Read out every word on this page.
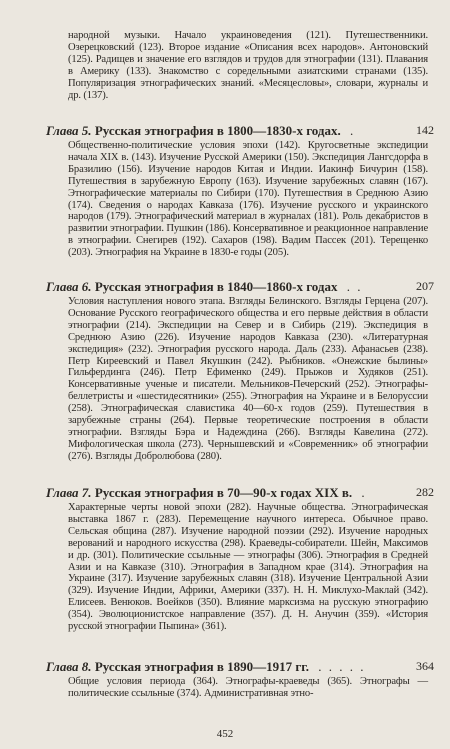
народной музыки. Начало украиноведения (121). Путешественники. Озерецковский (123). Второе издание «Описания всех народов». Антоновский (125). Радищев и значение его взглядов и трудов для этнографии (131). Плавания в Америку (133). Знакомство с соредельными азиатскими странами (135). Популяризация этнографических знаний. «Месяцесловы», словари, журналы и др. (137).
Глава 5. Русская этнография в 1800—1830-х годах. .	142
Общественно-политические условия эпохи (142). Кругосветные экспедиции начала XIX в. (143). Изучение Русской Америки (150). Экспедиция Лангсдорфа в Бразилию (156). Изучение народов Китая и Индии. Иакинф Бичурин (158). Путешествия в зарубежную Европу (163). Изучение зарубежных славян (167). Этнографические материалы по Сибири (170). Путешествия в Среднюю Азию (174). Сведения о народах Кавказа (176). Изучение русского и украинского народов (179). Этнографический материал в журналах (181). Роль декабристов в развитии этнографии. Пушкин (186). Консервативное и реакционное направление в этнографии. Снегирев (192). Сахаров (198). Вадим Пассек (201). Терещенко (203). Этнография на Украине в 1830-е годы (205).
Глава 6. Русская этнография в 1840—1860-х годах . .	207
Условия наступления нового этапа. Взгляды Белинского. Взгляды Герцена (207). Основание Русского географического общества и его первые действия в области этнографии (214). Экспедиции на Север и в Сибирь (219). Экспедиция в Среднюю Азию (226). Изучение народов Кавказа (230). «Литературная экспедиция» (232). Этнография русского народа. Даль (233). Афанасьев (238). Петр Киреевский и Павел Якушкин (242). Рыбников. «Онежские былины» Гильфердинга (246). Петр Ефименко (249). Прыжов и Худяков (251). Консервативные ученые и писатели. Мельников-Печерский (252). Этнографы-беллетристы и «шестидесятники» (255). Этнография на Украине и в Белоруссии (258). Этнографическая славистика 40—60-х годов (259). Путешествия в зарубежные страны (264). Первые теоретические построения в области этнографии. Взгляды Бэра и Надеждина (266). Взгляды Кавелина (272). Мифологическая школа (273). Чернышевский и «Современник» об этнографии (276). Взгляды Добролюбова (280).
Глава 7. Русская этнография в 70—90-х годах XIX в. .	282
Характерные черты новой эпохи (282). Научные общества. Этнографическая выставка 1867 г. (283). Перемещение научного интереса. Обычное право. Сельская община (287). Изучение народной поэзии (292). Изучение народных верований и народного искусства (298). Краеведы-собиратели. Шейн, Максимов и др. (301). Политические ссыльные — этнографы (306). Этнография в Средней Азии и на Кавказе (310). Этнография в Западном крае (314). Этнография на Украине (317). Изучение зарубежных славян (318). Изучение Центральной Азии (329). Изучение Индии, Африки, Америки (337). Н. Н. Миклухо-Маклай (342). Елисеев. Венюков. Воейков (350). Влияние марксизма на русскую этнографию (354). Эволюционистское направление (357). Д. Н. Анучин (359). «История русской этнографии Пыпина» (361).
Глава 8. Русская этнография в 1890—1917 гг. . . . . .	364
Общие условия периода (364). Этнографы-краеведы (365). Этнографы — политические ссыльные (374). Административная этно-
452
